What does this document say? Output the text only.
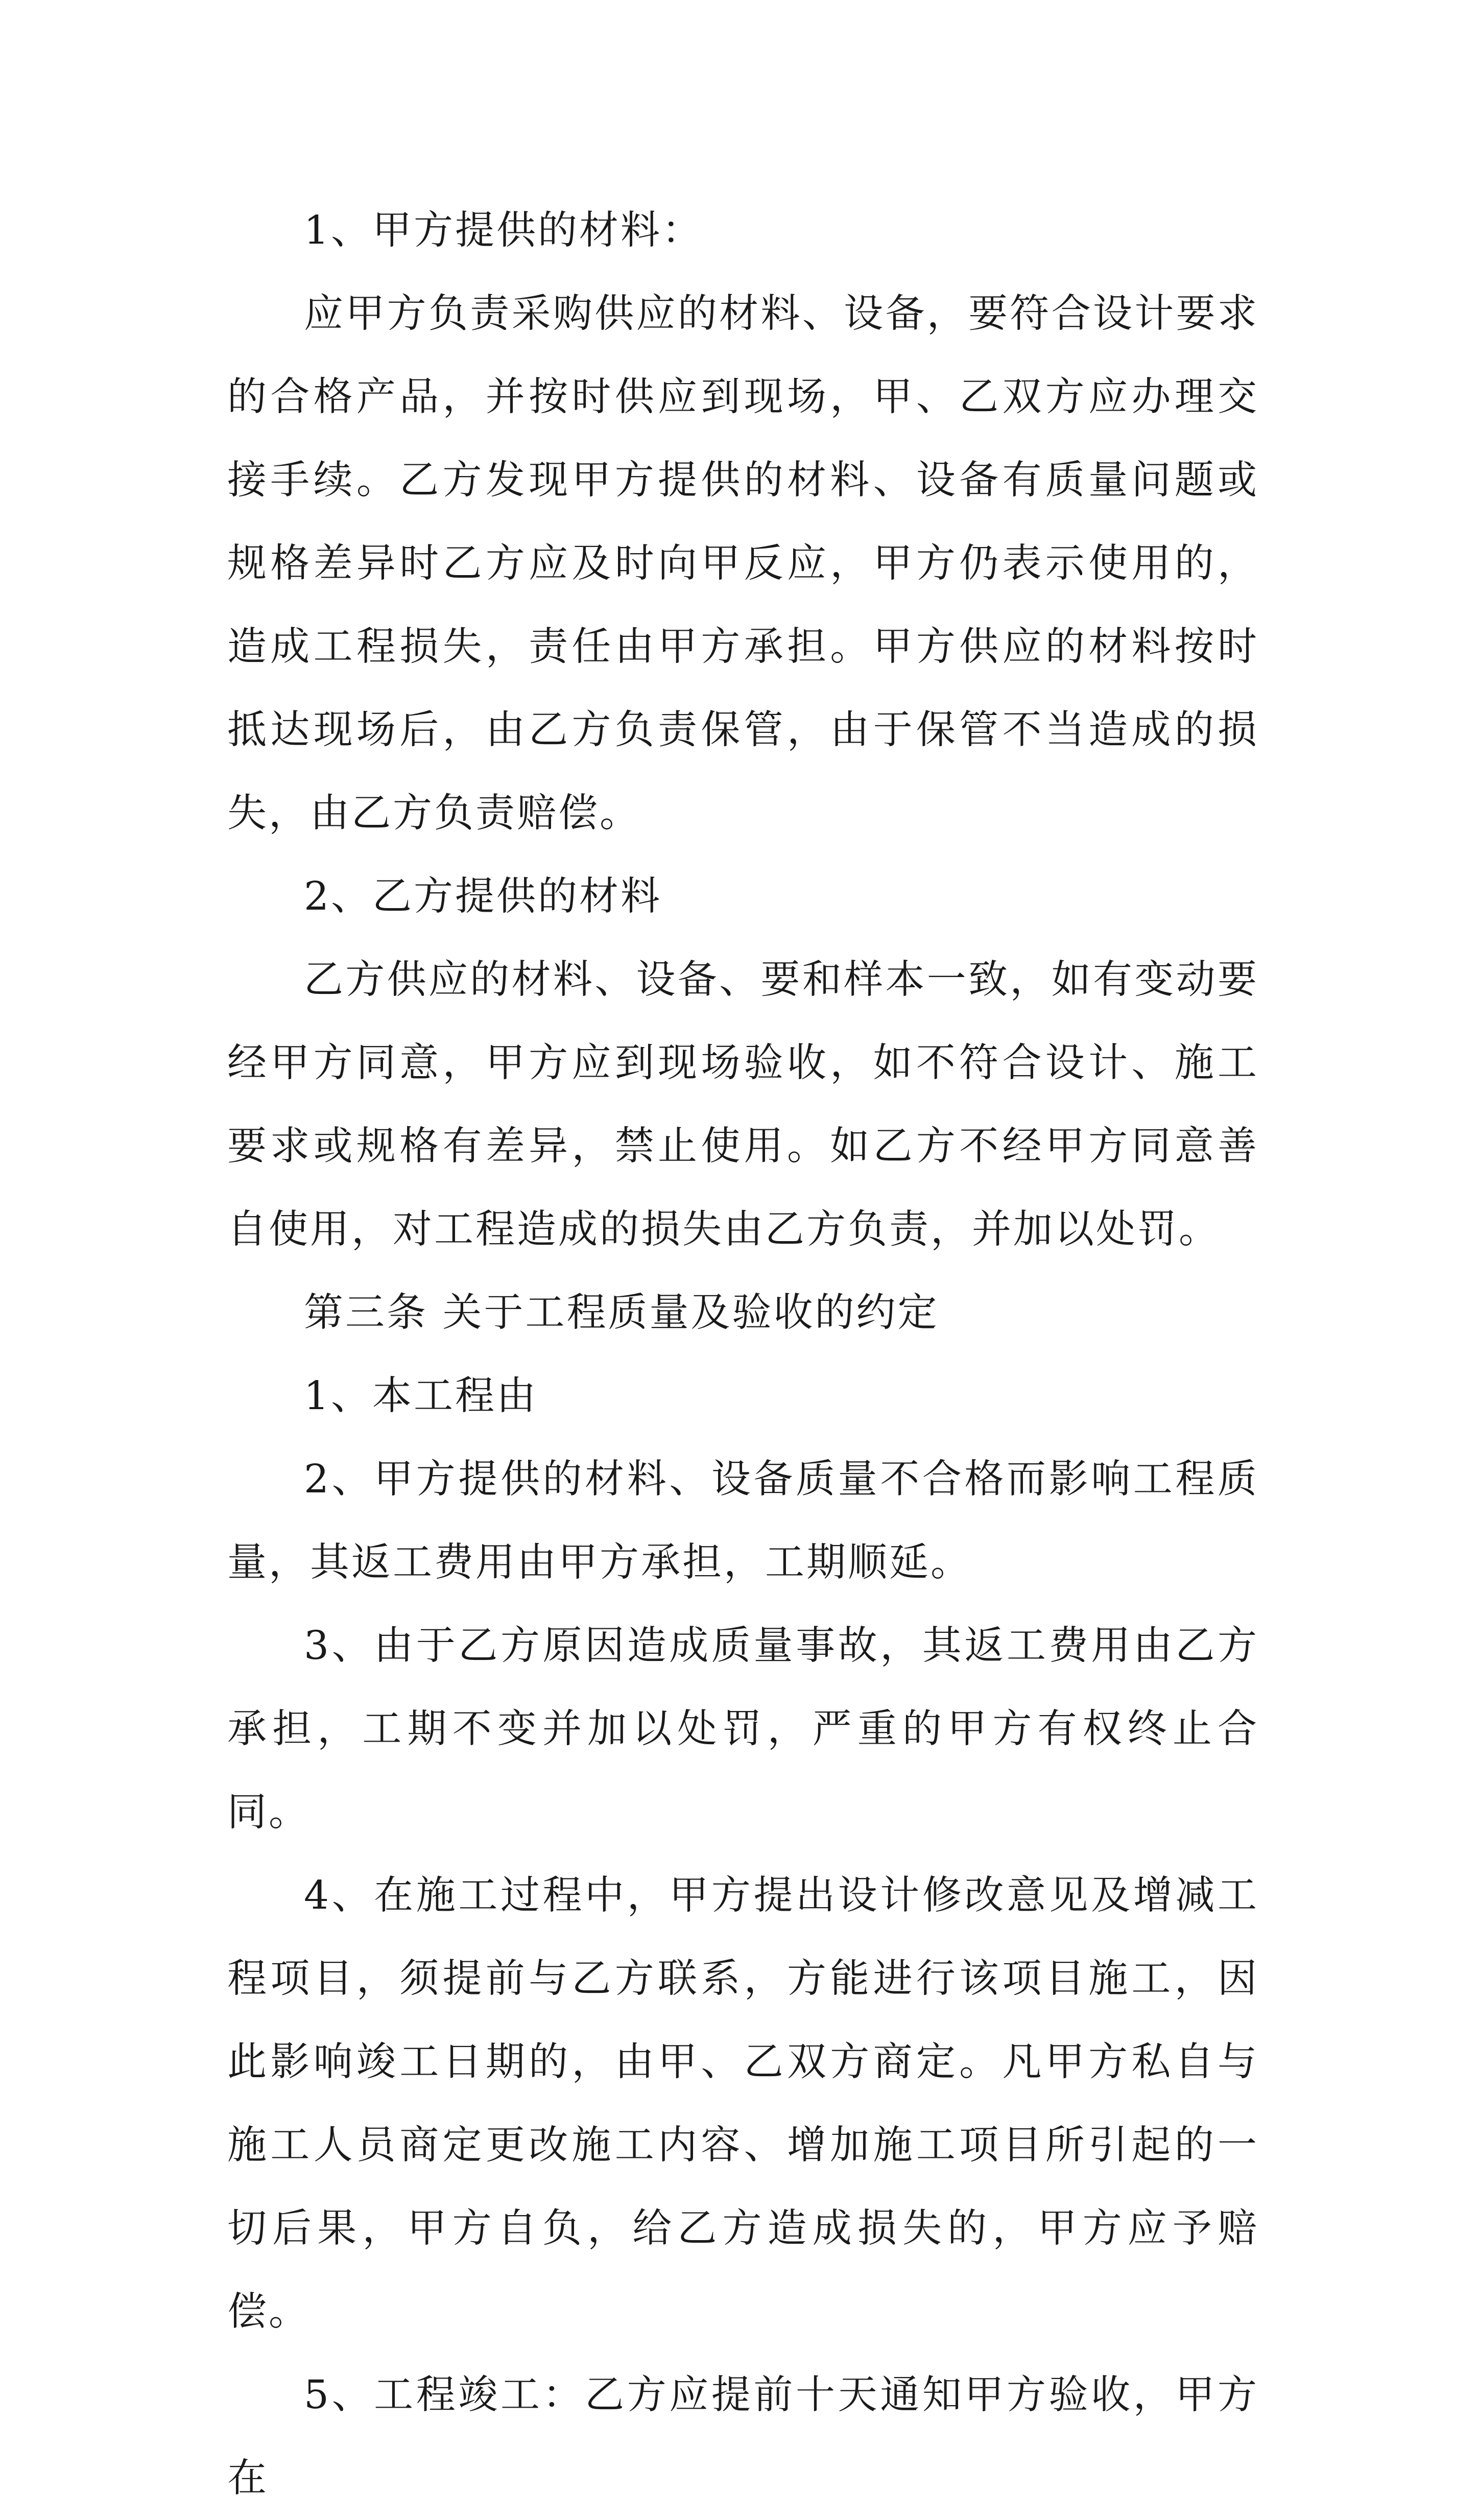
1、甲方提供的材料：

应甲方负责采购供应的材料、设备，要符合设计要求的合格产品，并按时供应到现场，甲、乙双方应办理交接手续。乙方发现甲方提供的材料、设备有质量问题或规格差异时乙方应及时向甲反应，甲方仍表示使用的，造成工程损失，责任由甲方承担。甲方供应的材料按时抵达现场后，由乙方负责保管，由于保管不当造成的损失，由乙方负责赔偿。

2、乙方提供的材料

乙方供应的材料、设备、要和样本一致，如有变动要经甲方同意，甲方应到现场验收，如不符合设计、施工要求或规格有差异，禁止使用。如乙方不经甲方同意善自使用，对工程造成的损失由乙方负责，并加以处罚。

第三条 关于工程质量及验收的约定

1、本工程由

2、甲方提供的材料、设备质量不合格而影响工程质量，其返工费用由甲方承担，工期顺延。

3、由于乙方原因造成质量事故，其返工费用由乙方承担，工期不变并加以处罚，严重的甲方有权终止合同。

4、在施工过程中，甲方提出设计修改意见及增减工程项目，须提前与乙方联系，方能进行该项目施工，因此影响竣工日期的，由甲、乙双方商定。凡甲方私自与施工人员商定更改施工内容、增加施工项目所引起的一切后果，甲方自负，给乙方造成损失的，甲方应予赔偿。

5、工程竣工：乙方应提前十天通知甲方验收，甲方在
